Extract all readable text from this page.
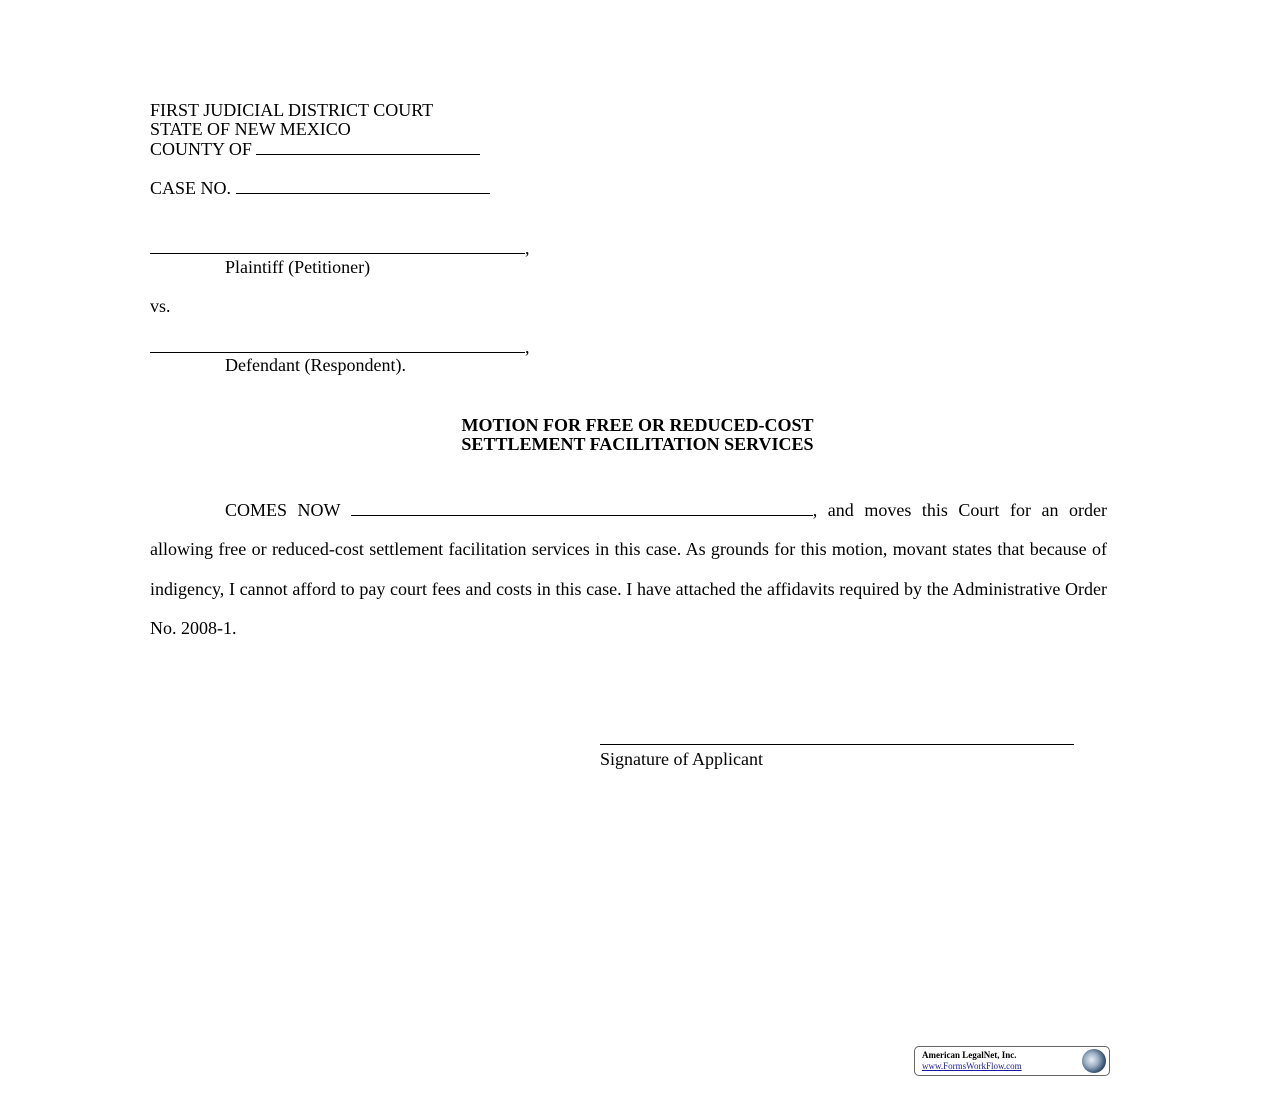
FIRST JUDICIAL DISTRICT COURT
STATE OF NEW MEXICO
COUNTY OF
CASE NO.
,
Plaintiff (Petitioner)
vs.
,
Defendant (Respondent).
MOTION FOR FREE OR REDUCED-COST
SETTLEMENT FACILITATION SERVICES
COMES NOW	, and moves this Court for an order allowing free or reduced-cost settlement facilitation services in this case. As grounds for this motion, movant states that because of indigency, I cannot afford to pay court fees and costs in this case. I have attached the affidavits required by the Administrative Order No. 2008-1.
Signature of Applicant
American LegalNet, Inc.
www.FormsWorkFlow.com
